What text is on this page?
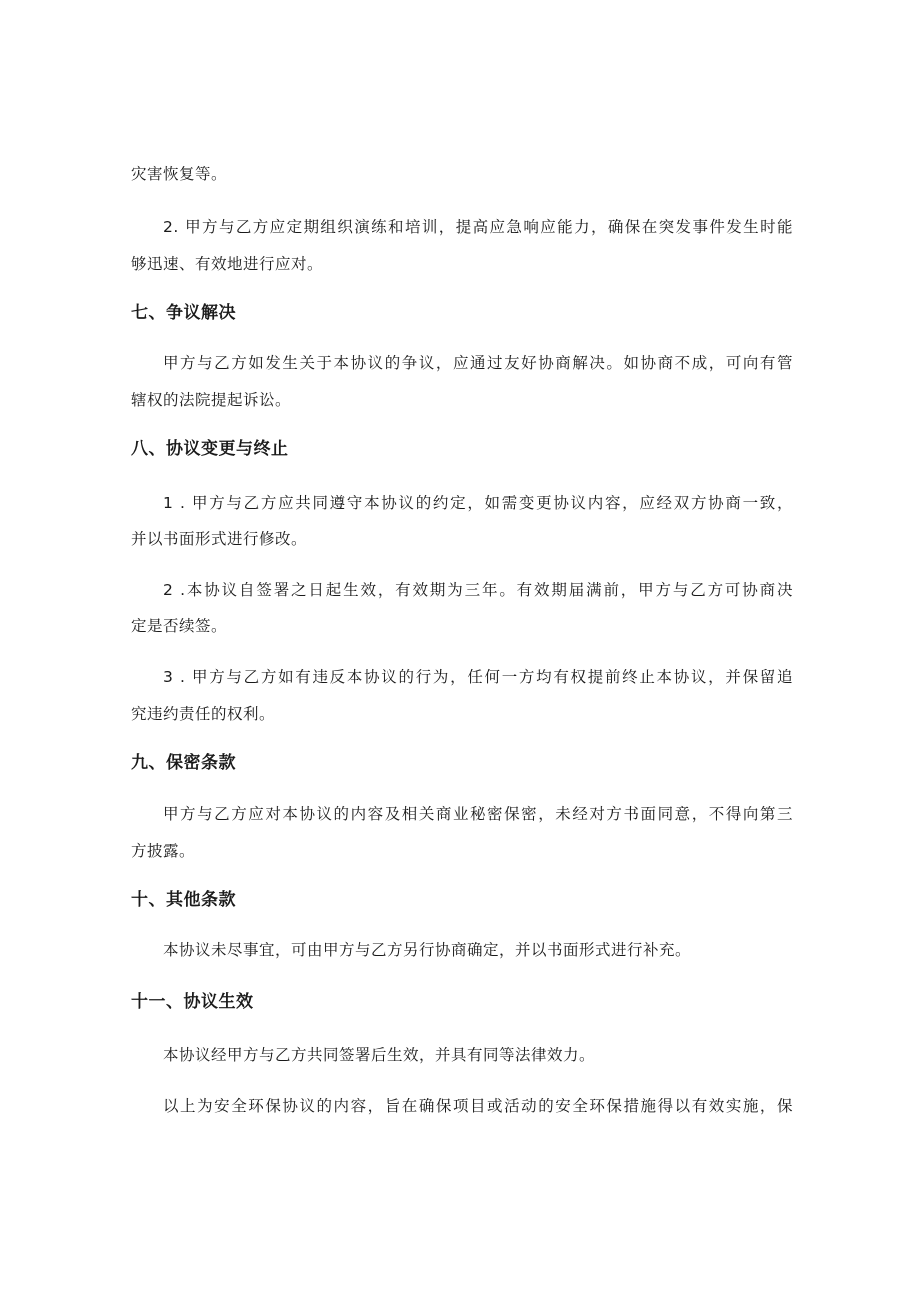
灾害恢复等。
2. 甲方与乙方应定期组织演练和培训，提高应急响应能力，确保在突发事件发生时能
够迅速、有效地进行应对。
七、争议解决
甲方与乙方如发生关于本协议的争议，应通过友好协商解决。如协商不成，可向有管
辖权的法院提起诉讼。
八、协议变更与终止
1 . 甲方与乙方应共同遵守本协议的约定，如需变更协议内容，应经双方协商一致，
并以书面形式进行修改。
2 .本协议自签署之日起生效，有效期为三年。有效期届满前，甲方与乙方可协商决
定是否续签。
3 . 甲方与乙方如有违反本协议的行为，任何一方均有权提前终止本协议，并保留追
究违约责任的权利。
九、保密条款
甲方与乙方应对本协议的内容及相关商业秘密保密，未经对方书面同意，不得向第三
方披露。
十、其他条款
本协议未尽事宜，可由甲方与乙方另行协商确定，并以书面形式进行补充。
十一、协议生效
本协议经甲方与乙方共同签署后生效，并具有同等法律效力。
以上为安全环保协议的内容，旨在确保项目或活动的安全环保措施得以有效实施，保
